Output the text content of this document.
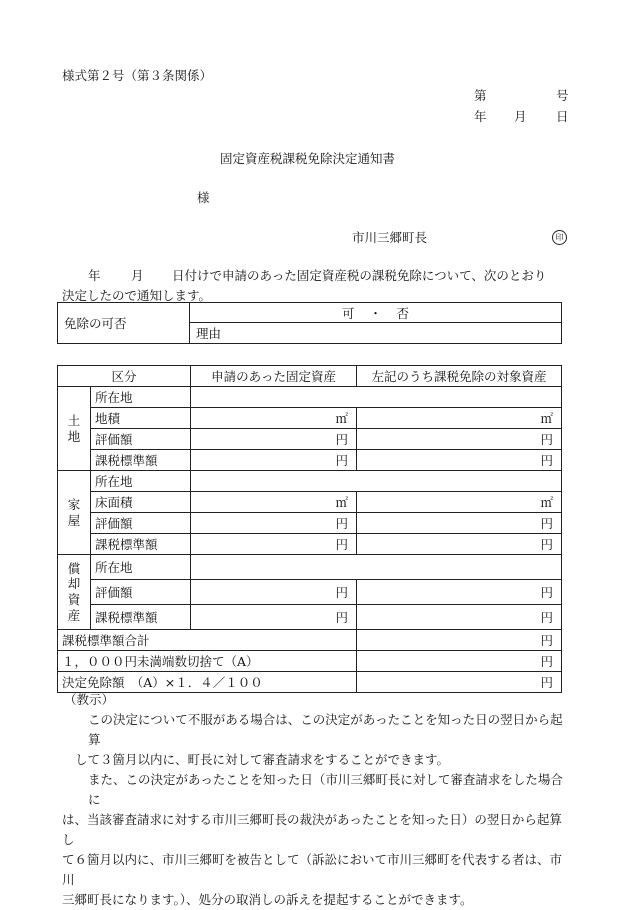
様式第２号（第３条関係）
第	号
年 月 日
固定資産税課税免除決定通知書
様
市川三郷町長	印
年 月 日付けで申請のあった固定資産税の課税免除について、次のとおり
決定したので通知します。
免除の可否	可 ・ 否
理由
区分		申請のあった固定資産	左記のうち課税免除の対象資産

土地	所在地		
	地積	㎡	㎡
	評価額	円	円
	課税標準額	円	円

家屋	所在地		
	床面積	㎡	㎡
	評価額	円	円
	課税標準額	円	円

償却資産	所在地		
	評価額	円	円
	課税標準額	円	円
課税標準額合計			円
１，０００円未満端数切捨て（A）			円
決定免除額　（A）×１．４／１００			円

（教示）

この決定について不服がある場合は、この決定があったことを知った日の翌日から起算

して３箇月以内に、町長に対して審査請求をすることができます。

また、この決定があったことを知った日（市川三郷町長に対して審査請求をした場合に

は、当該審査請求に対する市川三郷町長の裁決があったことを知った日）の翌日から起算し

て６箇月以内に、市川三郷町を被告として（訴訟において市川三郷町を代表する者は、市川

三郷町長になります。）、処分の取消しの訴えを提起することができます。
